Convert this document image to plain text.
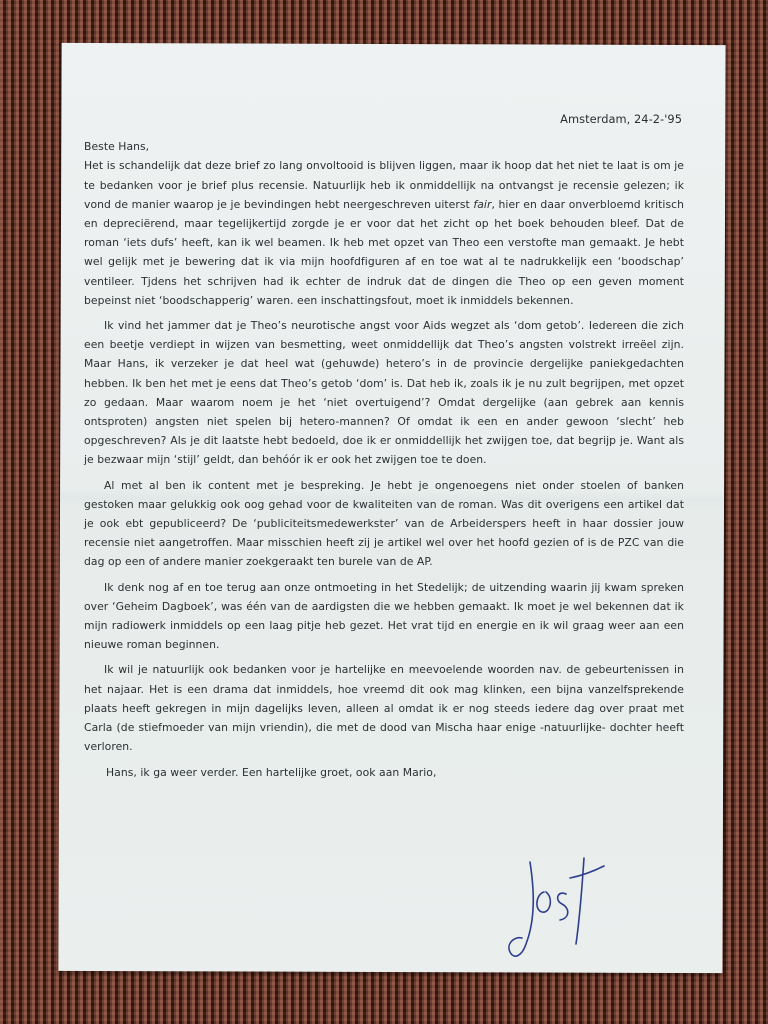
Amsterdam, 24-2-'95
Beste Hans,

Het is schandelijk dat deze brief zo lang onvoltooid is blijven liggen, maar ik hoop dat het niet te laat is om je te bedanken voor je brief plus recensie. Natuurlijk heb ik onmiddellijk na ontvangst je recensie gelezen; ik vond de manier waarop je je bevindingen hebt neergeschreven uiterst fair, hier en daar onverbloemd kritisch en depreciërend, maar tegelijkertijd zorgde je er voor dat het zicht op het boek behouden bleef. Dat de roman ‘iets dufs’ heeft, kan ik wel beamen. Ik heb met opzet van Theo een verstofte man gemaakt. Je hebt wel gelijk met je bewering dat ik via mijn hoofdfiguren af en toe wat al te nadrukkelijk een ‘boodschap’ ventileer. Tjdens het schrijven had ik echter de indruk dat de dingen die Theo op een geven moment bepeinst niet ‘boodschapperig’ waren. een inschattingsfout, moet ik inmiddels bekennen.

Ik vind het jammer dat je Theo’s neurotische angst voor Aids wegzet als ‘dom getob’. Iedereen die zich een beetje verdiept in wijzen van besmetting, weet onmiddellijk dat Theo’s angsten volstrekt irreëel zijn. Maar Hans, ik verzeker je dat heel wat (gehuwde) hetero’s in de provincie dergelijke paniekgedachten hebben. Ik ben het met je eens dat Theo’s getob ‘dom’ is. Dat heb ik, zoals ik je nu zult begrijpen, met opzet zo gedaan. Maar waarom noem je het ‘niet overtuigend’? Omdat dergelijke (aan gebrek aan kennis ontsproten) angsten niet spelen bij hetero-mannen? Of omdat ik een en ander gewoon ‘slecht’ heb opgeschreven? Als je dit laatste hebt bedoeld, doe ik er onmiddellijk het zwijgen toe, dat begrijp je. Want als je bezwaar mijn ‘stijl’ geldt, dan behóór ik er ook het zwijgen toe te doen.

Al met al ben ik content met je bespreking. Je hebt je ongenoegens niet onder stoelen of banken gestoken maar gelukkig ook oog gehad voor de kwaliteiten van de roman. Was dit overigens een artikel dat je ook ebt gepubliceerd? De ‘publiciteitsmedewerkster’ van de Arbeiderspers heeft in haar dossier jouw recensie niet aangetroffen. Maar misschien heeft zij je artikel wel over het hoofd gezien of is de PZC van die dag op een of andere manier zoekgeraakt ten burele van de AP.

Ik denk nog af en toe terug aan onze ontmoeting in het Stedelijk; de uitzending waarin jij kwam spreken over ‘Geheim Dagboek’, was één van de aardigsten die we hebben gemaakt. Ik moet je wel bekennen dat ik mijn radiowerk inmiddels op een laag pitje heb gezet. Het vrat tijd en energie en ik wil graag weer aan een nieuwe roman beginnen.

Ik wil je natuurlijk ook bedanken voor je hartelijke en meevoelende woorden nav. de gebeurtenissen in het najaar. Het is een drama dat inmiddels, hoe vreemd dit ook mag klinken, een bijna vanzelfsprekende plaats heeft gekregen in mijn dagelijks leven, alleen al omdat ik er nog steeds iedere dag over praat met Carla (de stiefmoeder van mijn vriendin), die met de dood van Mischa haar enige -natuurlijke- dochter heeft verloren.

Hans, ik ga weer verder. Een hartelijke groet, ook aan Mario,
